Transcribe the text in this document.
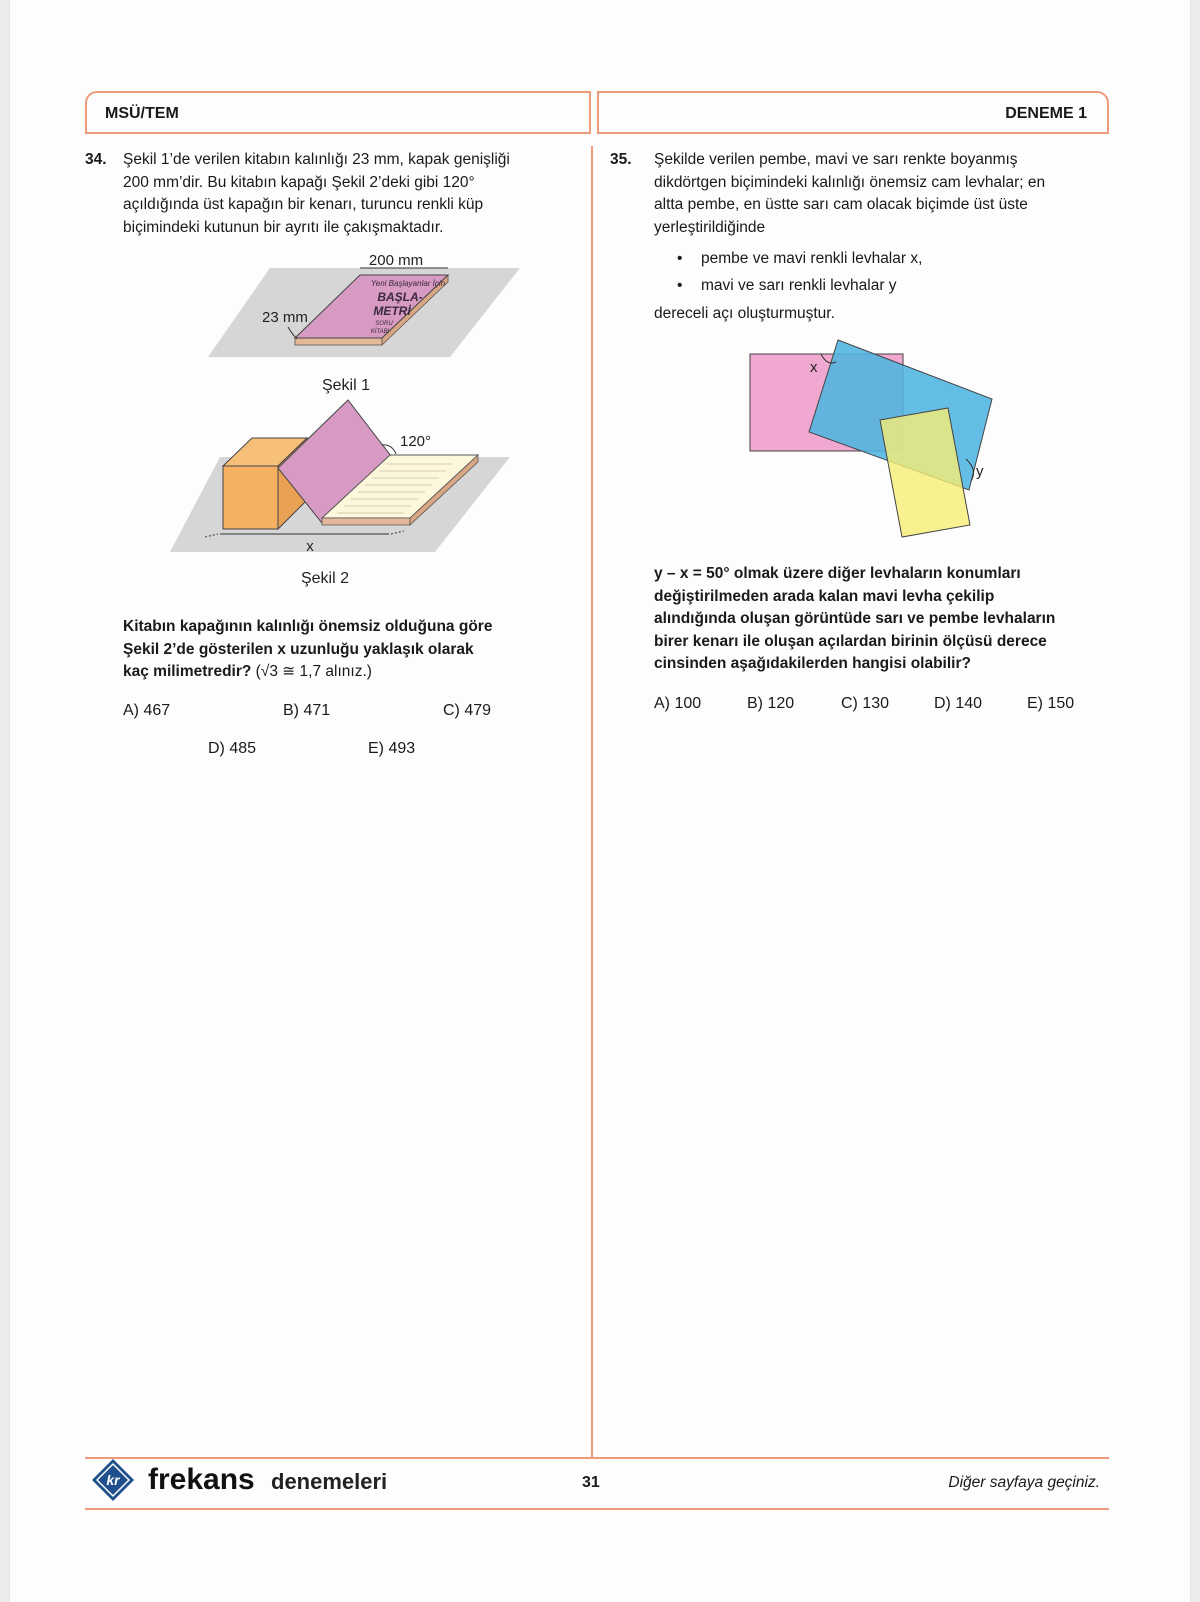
MSÜ/TEM	DENEME 1
34. Şekil 1’de verilen kitabın kalınlığı 23 mm, kapak genişliği
200 mm’dir. Bu kitabın kapağı Şekil 2’deki gibi 120°
açıldığında üst kapağın bir kenarı, turuncu renkli küp
biçimindeki kutunun bir ayrıtı ile çakışmaktadır.
200 mm
23 mm
Yeni Başlayanlar İçin
BAŞLA-
METRİ
SORU
KİTABI
Şekil 1
120°
x
Şekil 2
Kitabın kapağının kalınlığı önemsiz olduğuna göre
Şekil 2’de gösterilen x uzunluğu yaklaşık olarak
kaç milimetredir? (√3 ≅ 1,7 alınız.)
A) 467	B) 471	C) 479
D) 485	E) 493
35. Şekilde verilen pembe, mavi ve sarı renkte boyanmış
dikdörtgen biçimindeki kalınlığı önemsiz cam levhalar; en
altta pembe, en üstte sarı cam olacak biçimde üst üste
yerleştirildiğinde
• pembe ve mavi renkli levhalar x,
• mavi ve sarı renkli levhalar y
dereceli açı oluşturmuştur.
x
y
y – x = 50° olmak üzere diğer levhaların konumları
değiştirilmeden arada kalan mavi levha çekilip
alındığında oluşan görüntüde sarı ve pembe levhaların
birer kenarı ile oluşan açılardan birinin ölçüsü derece
cinsinden aşağıdakilerden hangisi olabilir?
A) 100	B) 120	C) 130	D) 140	E) 150
kr frekans denemeleri	31	Diğer sayfaya geçiniz.
